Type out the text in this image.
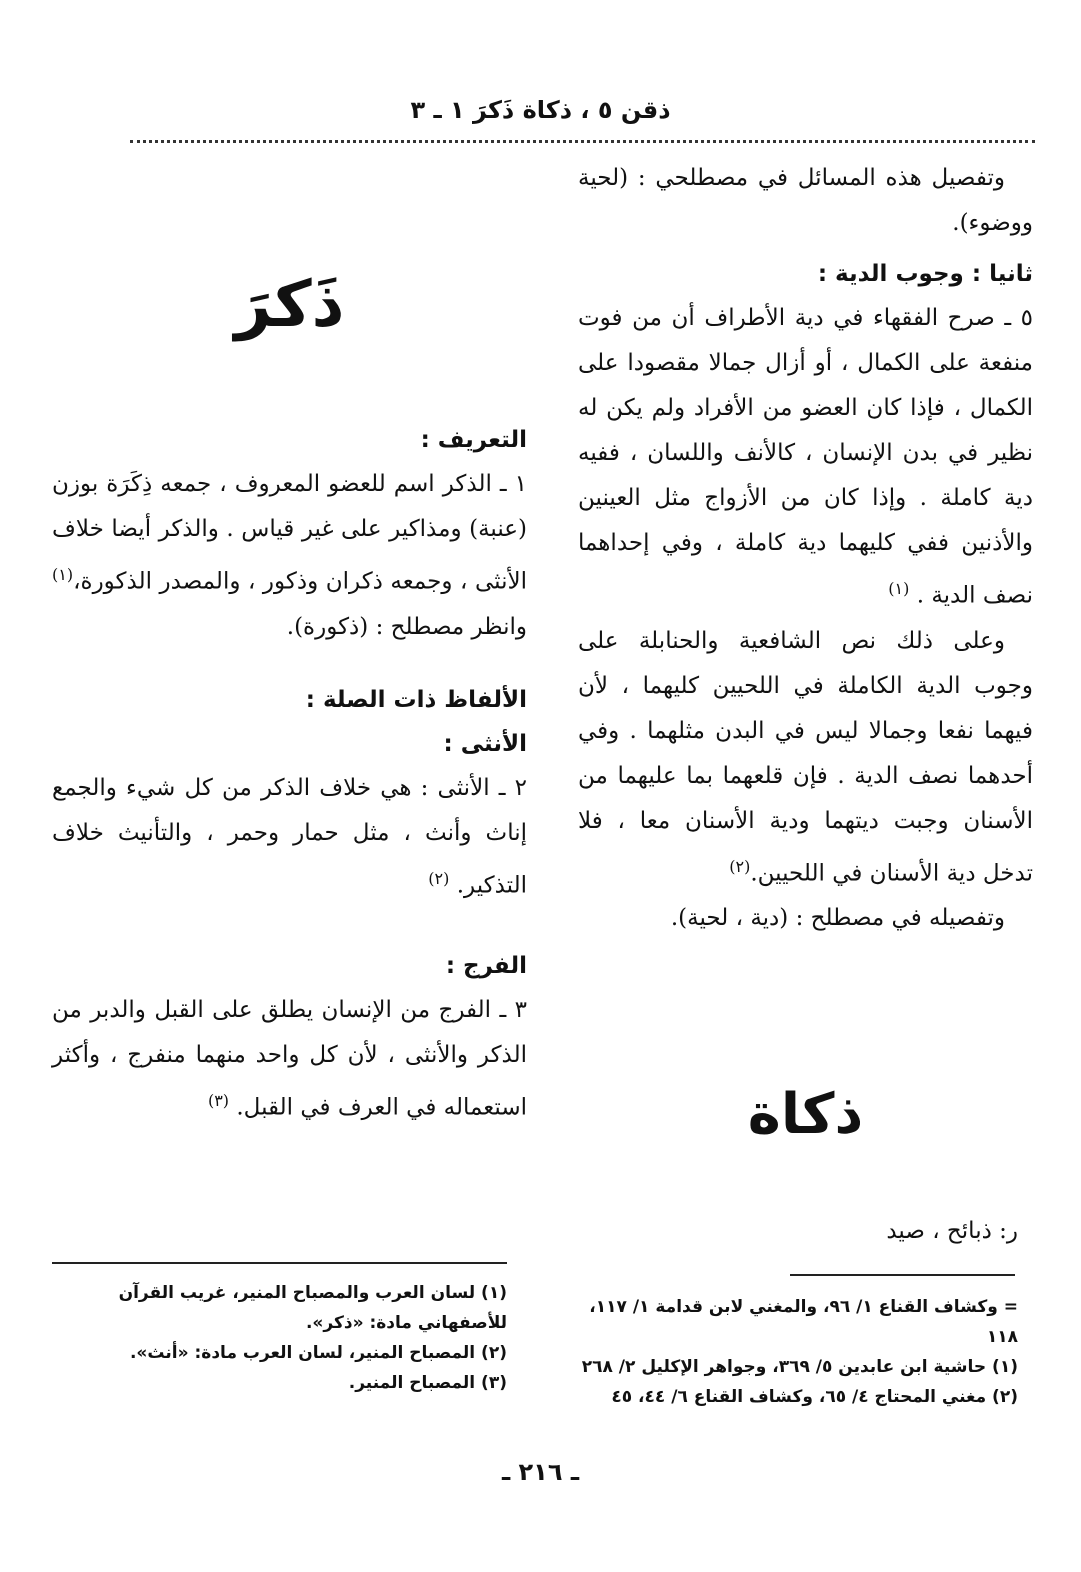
ذقن ٥ ، ذكاة ذَكرَ ١ ـ ٣

وتفصيل هذه المسائل في مصطلحي : (لحية ووضوء).

ثانيا : وجوب الدية :

٥ ـ صرح الفقهاء في دية الأطراف أن من فوت منفعة على الكمال ، أو أزال جمالا مقصودا على الكمال ، فإذا كان العضو من الأفراد ولم يكن له نظير في بدن الإنسان ، كالأنف واللسان ، ففيه دية كاملة . وإذا كان من الأزواج مثل العينين والأذنين ففي كليهما دية كاملة ، وفي إحداهما نصف الدية . $^{(١)}$

وعلى ذلك نص الشافعية والحنابلة على وجوب الدية الكاملة في اللحيين كليهما ، لأن فيهما نفعا وجمالا ليس في البدن مثلهما . وفي أحدهما نصف الدية . فإن قلعهما بما عليهما من الأسنان وجبت ديتهما ودية الأسنان معا ، فلا تدخل دية الأسنان في اللحيين.$^{(٢)}$

وتفصيله في مصطلح : (دية ، لحية).

ذكاة
ر: ذبائح ، صيد

= وكشاف القناع ١/ ٩٦، والمغني لابن قدامة ١/ ١١٧، ١١٨

(١) حاشية ابن عابدين ٥/ ٣٦٩، وجواهر الإكليل ٢/ ٢٦٨

(٢) مغني المحتاج ٤/ ٦٥، وكشاف القناع ٦/ ٤٤، ٤٥

ذَكرَ

التعريف :

١ ـ الذكر اسم للعضو المعروف ، جمعه ذِكَرَة بوزن (عنبة) ومذاكير على غير قياس . والذكر أيضا خلاف الأنثى ، وجمعه ذكران وذكور ، والمصدر الذكورة،$^{(١)}$ وانظر مصطلح : (ذكورة).

الألفاظ ذات الصلة :

الأنثى :

٢ ـ الأنثى : هي خلاف الذكر من كل شيء والجمع إناث وأنث ، مثل حمار وحمر ، والتأنيث خلاف التذكير. $^{(٢)}$

الفرج :

٣ ـ الفرج من الإنسان يطلق على القبل والدبر من الذكر والأنثى ، لأن كل واحد منهما منفرج ، وأكثر استعماله في العرف في القبل. $^{(٣)}$

(١) لسان العرب والمصباح المنير، غريب القرآن للأصفهاني مادة: «ذكر».

(٢) المصباح المنير، لسان العرب مادة: «أنث».

(٣) المصباح المنير.

ـ ٢١٦ ـ
